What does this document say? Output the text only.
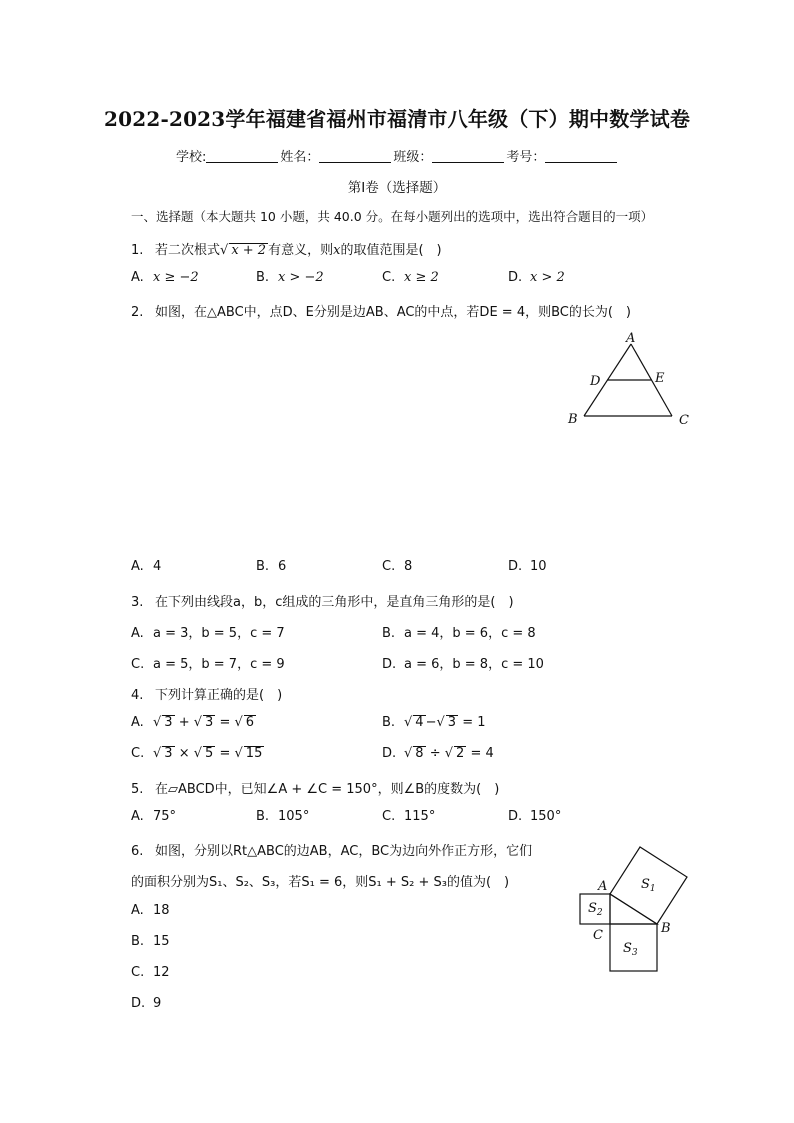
2022-2023学年福建省福州市福清市八年级（下）期中数学试卷
学校:	姓名：	班级：	考号：
第I卷（选择题）
一、选择题（本大题共 10 小题，共 40.0 分。在每小题列出的选项中，选出符合题目的一项）
1. 若二次根式√ x + 2 有意义，则x的取值范围是(　)
A. x ≥ −2	B. x > −2	C. x ≥ 2	D. x > 2
2. 如图，在△ABC中，点D、E分别是边AB、AC的中点，若DE = 4，则BC的长为(　)
A
D	E
B	C
A. 4	B. 6	C. 8	D. 10
3. 在下列由线段a，b，c组成的三角形中，是直角三角形的是(　)
A. a = 3，b = 5，c = 7	B. a = 4，b = 6，c = 8
C. a = 5，b = 7，c = 9	D. a = 6，b = 8，c = 10
4. 下列计算正确的是(　)
A. √ 3 + √ 3 = √ 6	B. √ 4 −√ 3 = 1
C. √ 3 × √ 5 = √ 15	D. √ 8 ÷ √ 2 = 4
5. 在▱ABCD中，已知∠A + ∠C = 150°，则∠B的度数为(　)
A. 75°	B. 105°	C. 115°	D. 150°
6. 如图，分别以Rt△ABC的边AB，AC，BC为边向外作正方形，它们
的面积分别为S₁、S₂、S₃，若S₁ = 6，则S₁ + S₂ + S₃的值为(　)
A. 18
B. 15
C. 12
D. 9
A
B
C
$S_1$
$S_2$
$S_3$
